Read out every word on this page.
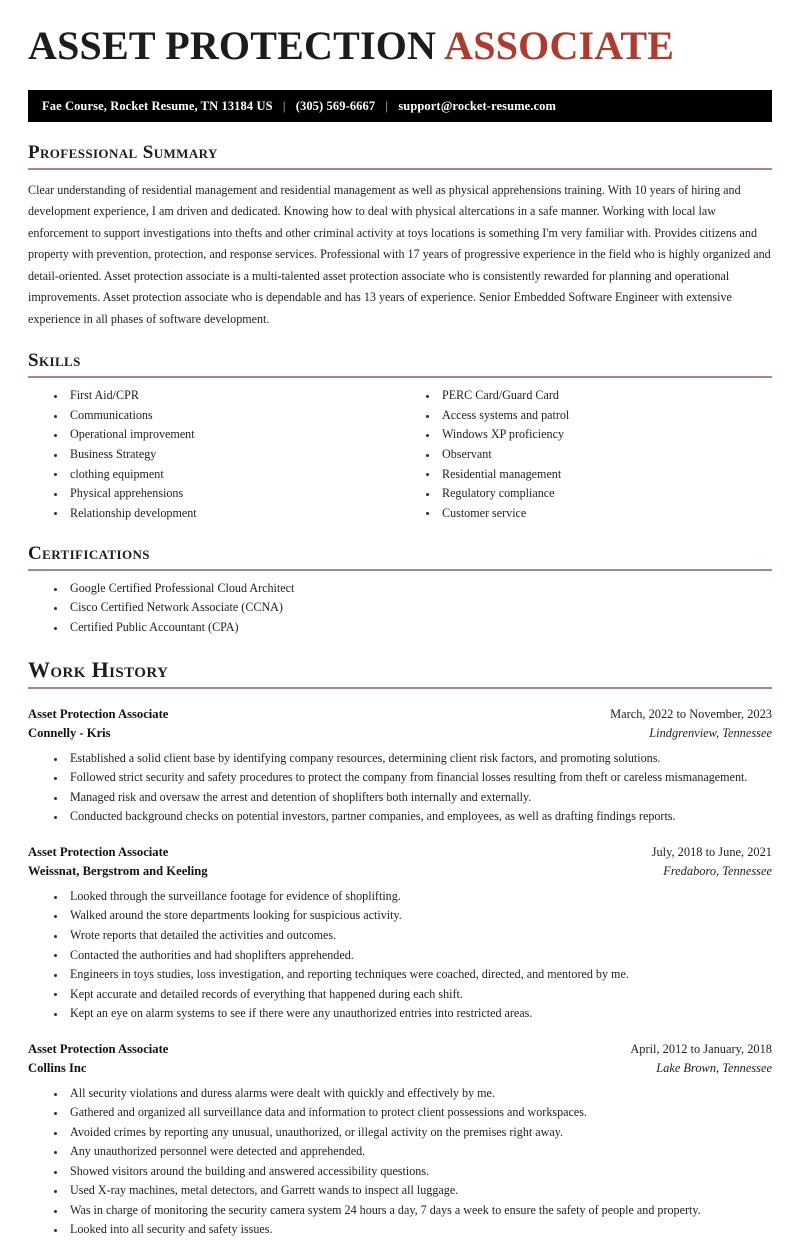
ASSET PROTECTION ASSOCIATE
Fae Course, Rocket Resume, TN 13184 US | (305) 569-6667 | support@rocket-resume.com
Professional Summary

Clear understanding of residential management and residential management as well as physical apprehensions training. With 10 years of hiring and development experience, I am driven and dedicated. Knowing how to deal with physical altercations in a safe manner. Working with local law enforcement to support investigations into thefts and other criminal activity at toys locations is something I'm very familiar with. Provides citizens and property with prevention, protection, and response services. Professional with 17 years of progressive experience in the field who is highly organized and detail-oriented. Asset protection associate is a multi-talented asset protection associate who is consistently rewarded for planning and operational improvements. Asset protection associate who is dependable and has 13 years of experience. Senior Embedded Software Engineer with extensive experience in all phases of software development.

Skills
First Aid/CPR
Communications
Operational improvement
Business Strategy
clothing equipment
Physical apprehensions
Relationship development
PERC Card/Guard Card
Access systems and patrol
Windows XP proficiency
Observant
Residential management
Regulatory compliance
Customer service
Certifications
Google Certified Professional Cloud Architect
Cisco Certified Network Associate (CCNA)
Certified Public Accountant (CPA)
Work History
Asset Protection Associate	March, 2022 to November, 2023
Connelly - Kris	Lindgrenview, Tennessee
Established a solid client base by identifying company resources, determining client risk factors, and promoting solutions.
Followed strict security and safety procedures to protect the company from financial losses resulting from theft or careless mismanagement.
Managed risk and oversaw the arrest and detention of shoplifters both internally and externally.
Conducted background checks on potential investors, partner companies, and employees, as well as drafting findings reports.
Asset Protection Associate	July, 2018 to June, 2021
Weissnat, Bergstrom and Keeling	Fredaboro, Tennessee
Looked through the surveillance footage for evidence of shoplifting.
Walked around the store departments looking for suspicious activity.
Wrote reports that detailed the activities and outcomes.
Contacted the authorities and had shoplifters apprehended.
Engineers in toys studies, loss investigation, and reporting techniques were coached, directed, and mentored by me.
Kept accurate and detailed records of everything that happened during each shift.
Kept an eye on alarm systems to see if there were any unauthorized entries into restricted areas.
Asset Protection Associate	April, 2012 to January, 2018
Collins Inc	Lake Brown, Tennessee
All security violations and duress alarms were dealt with quickly and effectively by me.
Gathered and organized all surveillance data and information to protect client possessions and workspaces.
Avoided crimes by reporting any unusual, unauthorized, or illegal activity on the premises right away.
Any unauthorized personnel were detected and apprehended.
Showed visitors around the building and answered accessibility questions.
Used X-ray machines, metal detectors, and Garrett wands to inspect all luggage.
Was in charge of monitoring the security camera system 24 hours a day, 7 days a week to ensure the safety of people and property.
Looked into all security and safety issues.
